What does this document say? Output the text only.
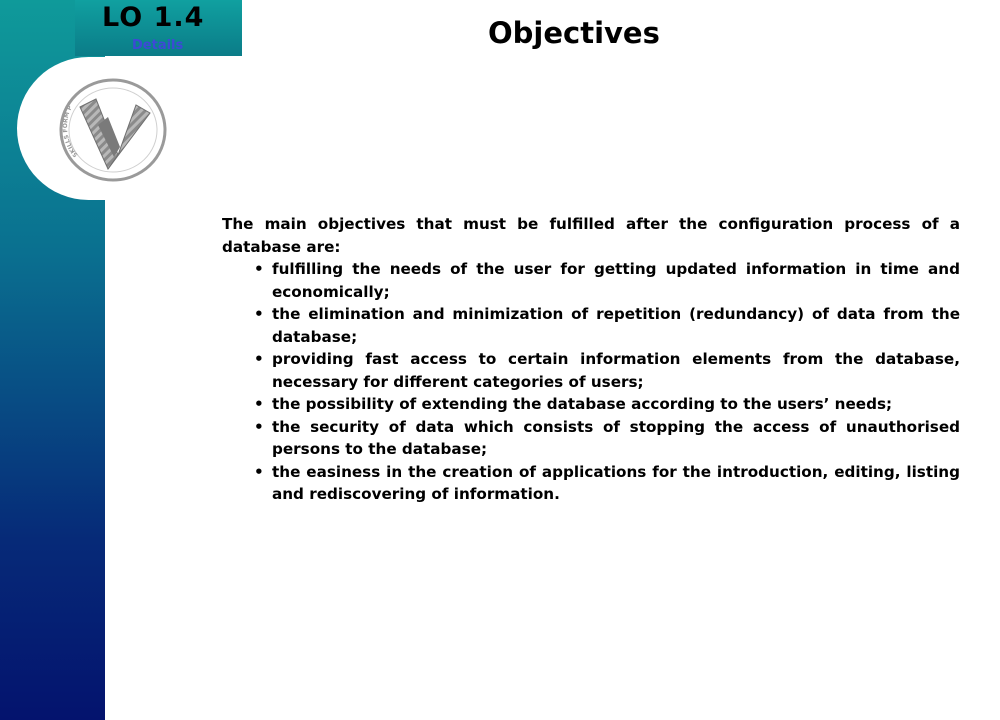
LO 1.4
Details
SKILLS FORM P
Objectives

The main objectives that must be fulfilled after the configuration process of a database are:

• fulfilling the needs of the user for getting updated information in time and economically;
• the elimination and minimization of repetition (redundancy) of data from the database;
• providing fast access to certain information elements from the database, necessary for different categories of users;
• the possibility of extending the database according to the users’ needs;
• the security of data which consists of stopping the access of unauthorised persons to the database;
• the easiness in the creation of applications for the introduction, editing, listing and rediscovering of information.
